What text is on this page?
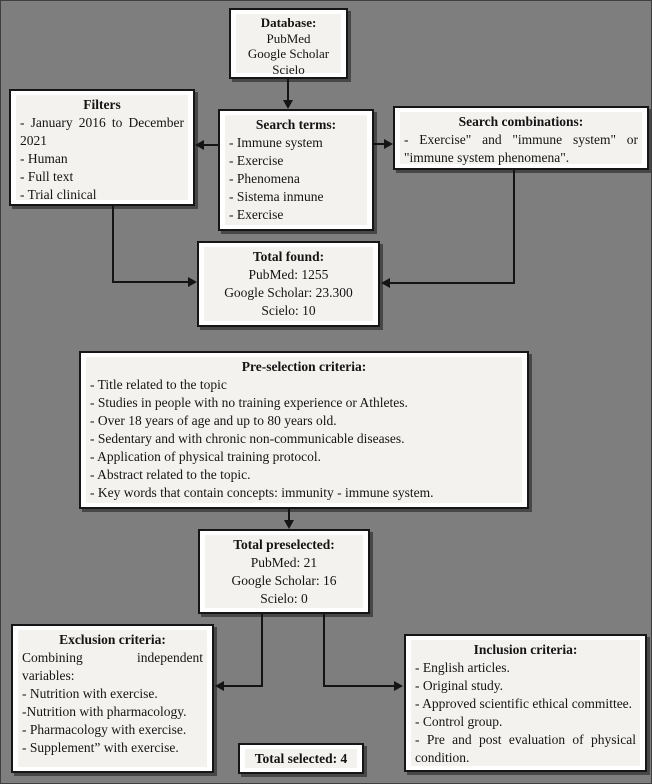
Database:
PubMed
Google Scholar
Scielo
Filters
- January 2016 to December 2021
- Human
- Full text
- Trial clinical
Search terms:
- Immune system
- Exercise
- Phenomena
- Sistema inmune
- Exercise
Search combinations:
- Exercise" and "immune system" or "immune system phenomena".
Total found:
PubMed: 1255
Google Scholar: 23.300
Scielo: 10
Pre-selection criteria:
- Title related to the topic
- Studies in people with no training experience or Athletes.
- Over 18 years of age and up to 80 years old.
- Sedentary and with chronic non-communicable diseases.
- Application of physical training protocol.
- Abstract related to the topic.
- Key words that contain concepts: immunity - immune system.
Total preselected:
PubMed: 21
Google Scholar: 16
Scielo: 0
Exclusion criteria:
Combining independent variables:
- Nutrition with exercise.
-Nutrition with pharmacology.
- Pharmacology with exercise.
- Supplement” with exercise.
Inclusion criteria:
- English articles.
- Original study.
- Approved scientific ethical committee.
- Control group.
- Pre and post evaluation of physical condition.
Total selected: 4
